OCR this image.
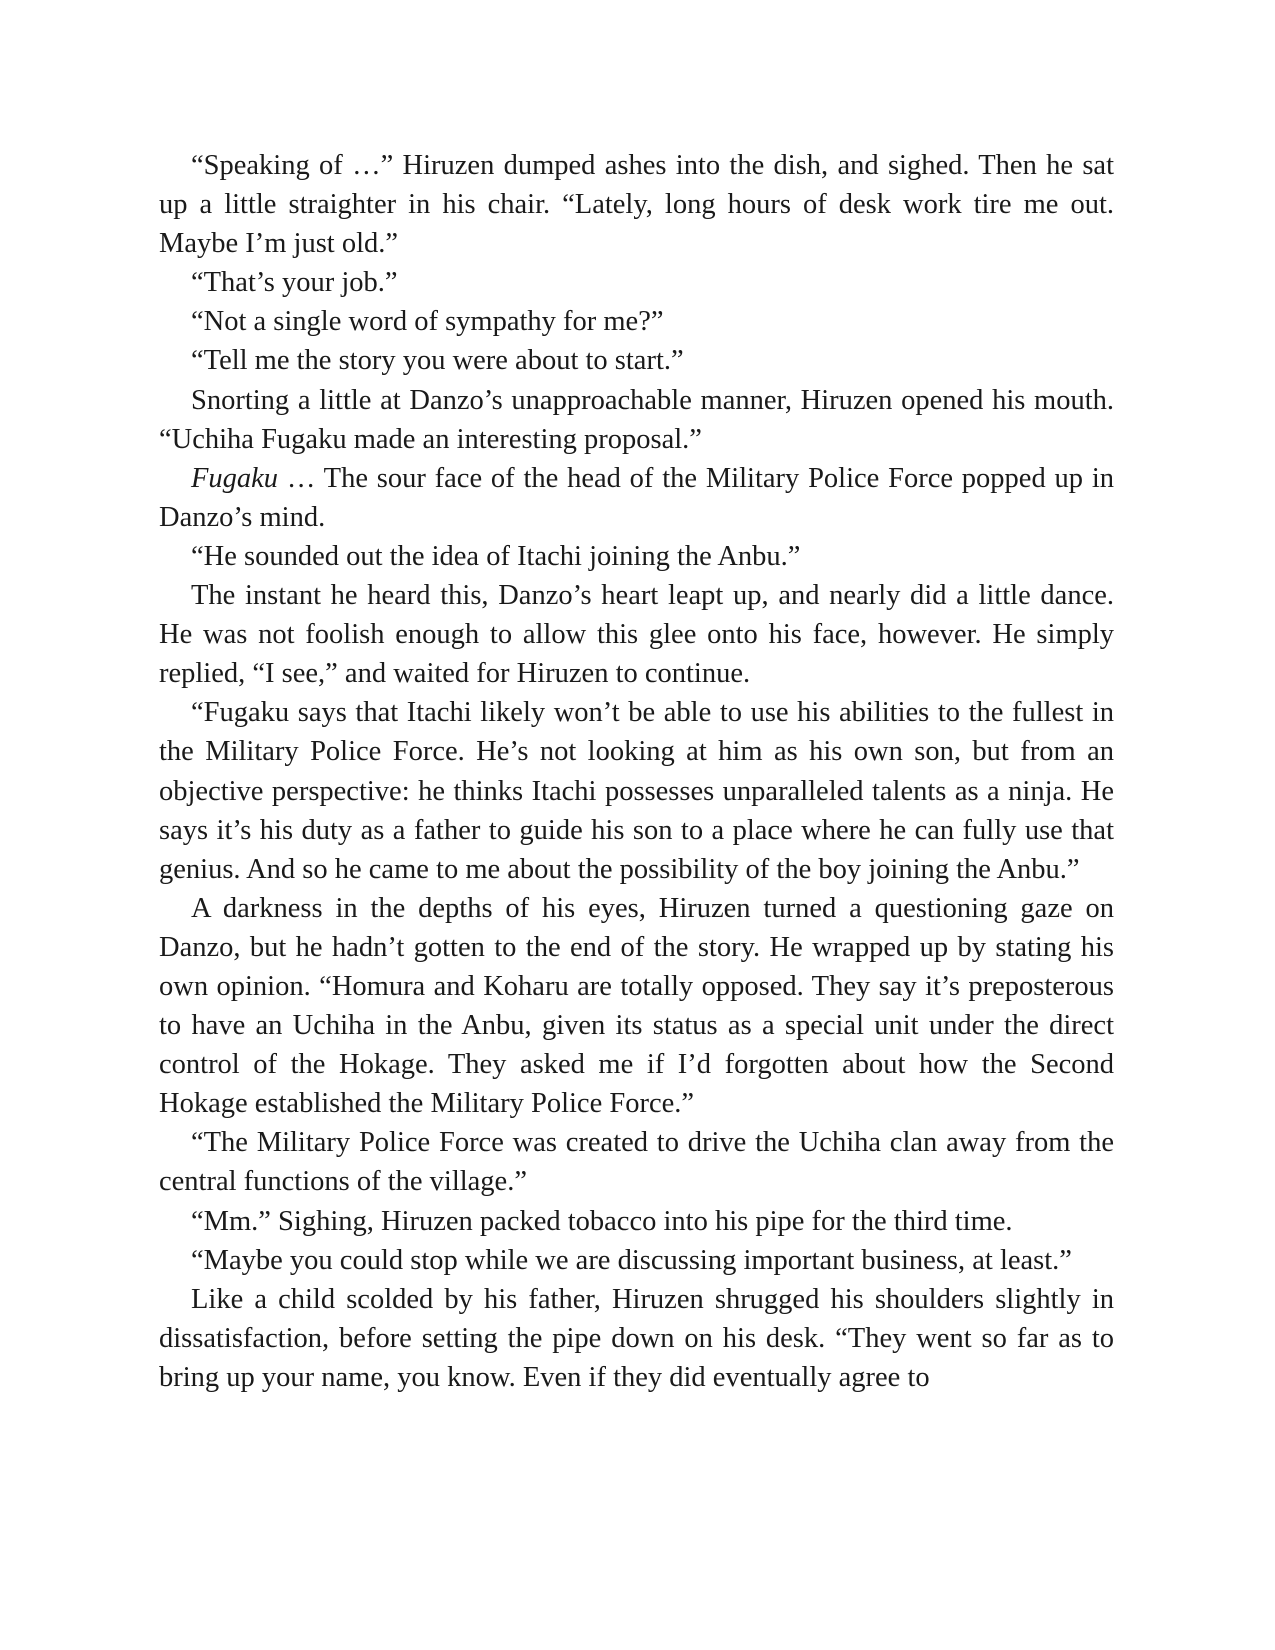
“Speaking of …” Hiruzen dumped ashes into the dish, and sighed. Then he sat up a little straighter in his chair. “Lately, long hours of desk work tire me out. Maybe I’m just old.”

“That’s your job.”

“Not a single word of sympathy for me?”

“Tell me the story you were about to start.”

Snorting a little at Danzo’s unapproachable manner, Hiruzen opened his mouth. “Uchiha Fugaku made an interesting proposal.”

Fugaku … The sour face of the head of the Military Police Force popped up in Danzo’s mind.

“He sounded out the idea of Itachi joining the Anbu.”

The instant he heard this, Danzo’s heart leapt up, and nearly did a little dance. He was not foolish enough to allow this glee onto his face, however. He simply replied, “I see,” and waited for Hiruzen to continue.

“Fugaku says that Itachi likely won’t be able to use his abilities to the fullest in the Military Police Force. He’s not looking at him as his own son, but from an objective perspective: he thinks Itachi possesses unparalleled talents as a ninja. He says it’s his duty as a father to guide his son to a place where he can fully use that genius. And so he came to me about the possibility of the boy joining the Anbu.”

A darkness in the depths of his eyes, Hiruzen turned a questioning gaze on Danzo, but he hadn’t gotten to the end of the story. He wrapped up by stating his own opinion. “Homura and Koharu are totally opposed. They say it’s preposterous to have an Uchiha in the Anbu, given its status as a special unit under the direct control of the Hokage. They asked me if I’d forgotten about how the Second Hokage established the Military Police Force.”

“The Military Police Force was created to drive the Uchiha clan away from the central functions of the village.”

“Mm.” Sighing, Hiruzen packed tobacco into his pipe for the third time.

“Maybe you could stop while we are discussing important business, at least.”

Like a child scolded by his father, Hiruzen shrugged his shoulders slightly in dissatisfaction, before setting the pipe down on his desk. “They went so far as to bring up your name, you know. Even if they did eventually agree to
